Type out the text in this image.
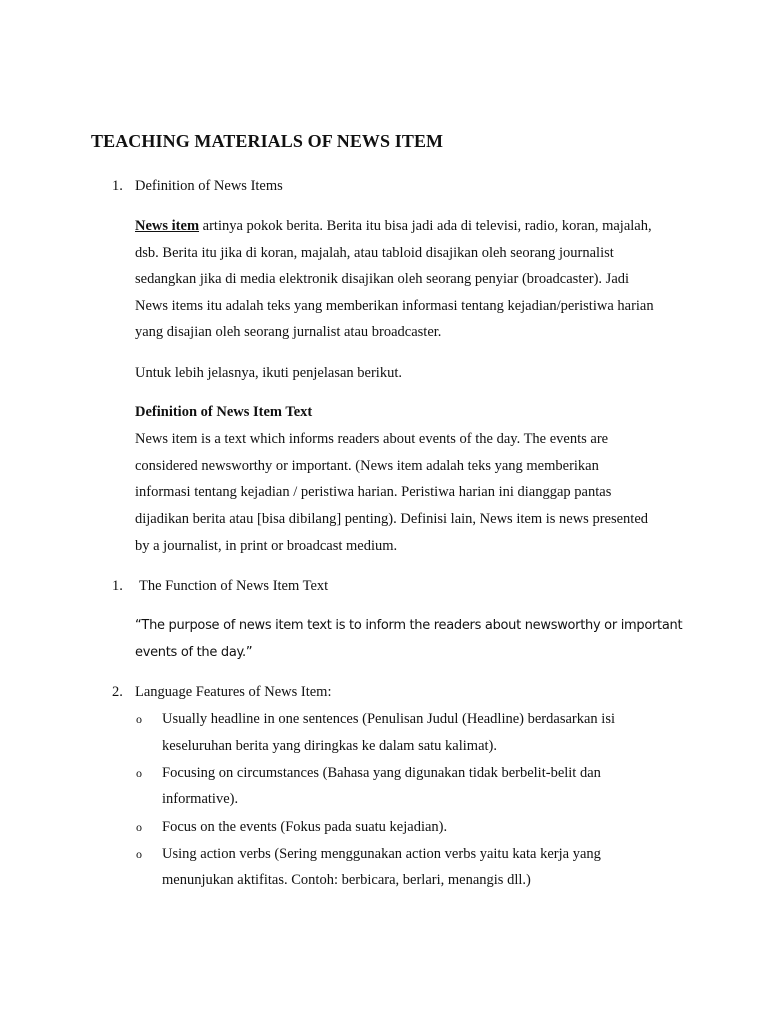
TEACHING MATERIALS OF NEWS ITEM
1. Definition of News Items
News item artinya pokok berita. Berita itu bisa jadi ada di televisi, radio, koran, majalah,
dsb. Berita itu jika di koran, majalah, atau tabloid disajikan oleh seorang journalist
sedangkan jika di media elektronik disajikan oleh seorang penyiar (broadcaster). Jadi
News items itu adalah teks yang memberikan informasi tentang kejadian/peristiwa harian
yang disajian oleh seorang jurnalist atau broadcaster.
Untuk lebih jelasnya, ikuti penjelasan berikut.
Definition of News Item Text
News item is a text which informs readers about events of the day. The events are
considered newsworthy or important. (News item adalah teks yang memberikan
informasi tentang kejadian / peristiwa harian. Peristiwa harian ini dianggap pantas
dijadikan berita atau [bisa dibilang] penting). Definisi lain, News item is news presented
by a journalist, in print or broadcast medium.
1. The Function of News Item Text
“The purpose of news item text is to inform the readers about newsworthy or important
events of the day.”
2. Language Features of News Item:
o Usually headline in one sentences (Penulisan Judul (Headline) berdasarkan isi
keseluruhan berita yang diringkas ke dalam satu kalimat).
o Focusing on circumstances (Bahasa yang digunakan tidak berbelit-belit dan
informative).
o Focus on the events (Fokus pada suatu kejadian).
o Using action verbs (Sering menggunakan action verbs yaitu kata kerja yang
menunjukan aktifitas. Contoh: berbicara, berlari, menangis dll.)
